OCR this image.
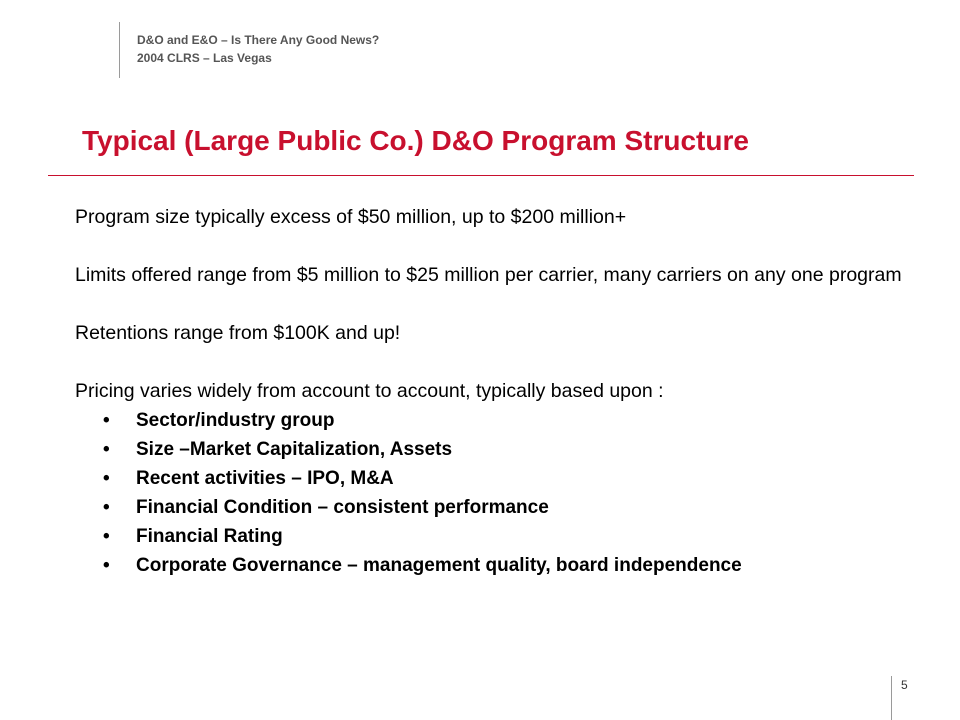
D&O and E&O – Is There Any Good News?
2004 CLRS – Las Vegas
Typical (Large Public Co.) D&O Program Structure

Program size typically excess of $50 million, up to $200 million+

Limits offered range from $5 million to $25 million per carrier, many carriers on any one program

Retentions range from $100K and up!

Pricing varies widely from account to account, typically based upon :

• Sector/industry group
• Size –Market Capitalization, Assets
• Recent activities – IPO, M&A
• Financial Condition – consistent performance
• Financial Rating
• Corporate Governance – management quality, board independence
5
